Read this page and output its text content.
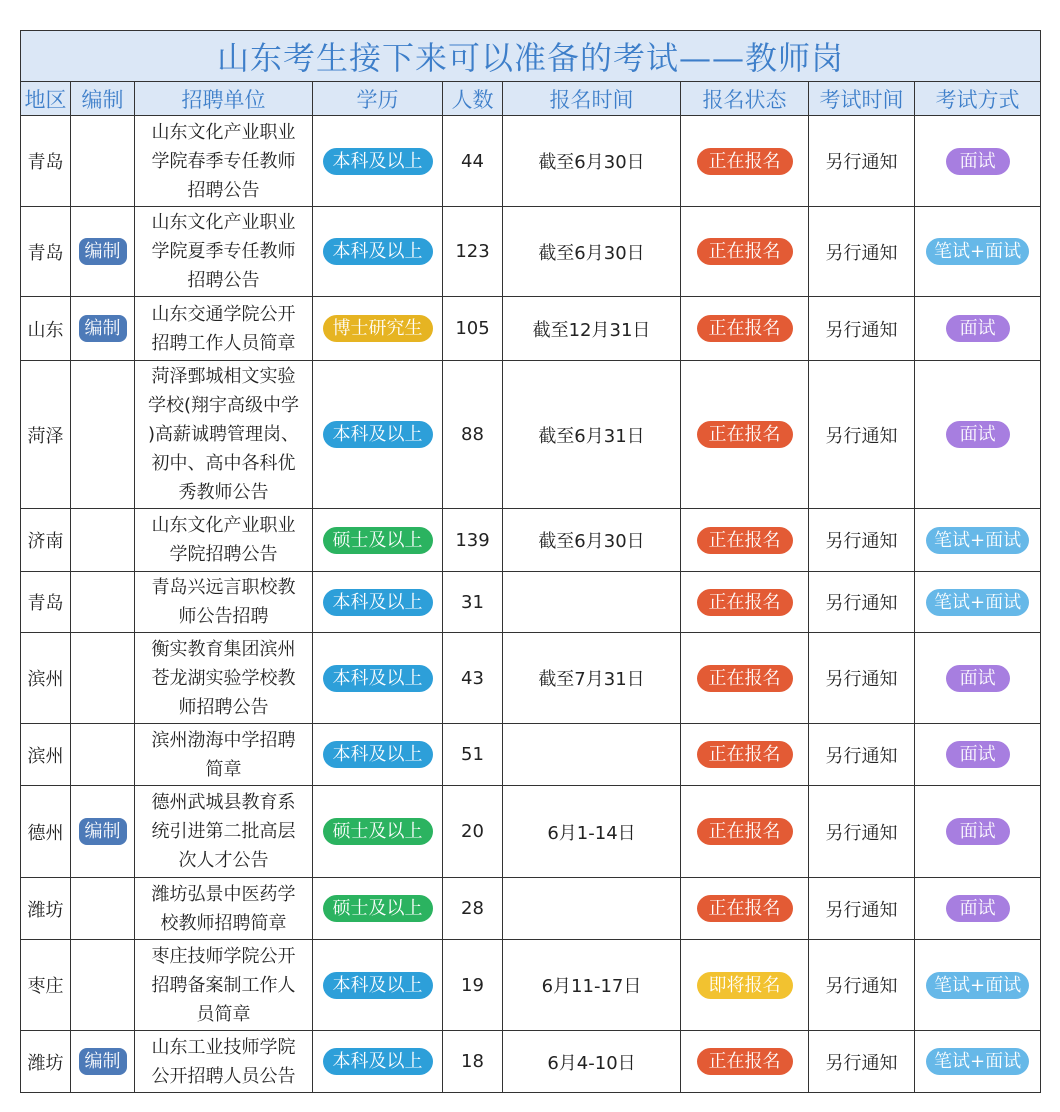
山东考生接下来可以准备的考试——教师岗								
地区	编制	招聘单位	学历	人数	报名时间	报名状态	考试时间	考试方式
青岛		山东文化产业职业
学院春季专任教师
招聘公告	本科及以上	44	截至6月30日	正在报名	另行通知	面试
青岛	编制	山东文化产业职业
学院夏季专任教师
招聘公告	本科及以上	123	截至6月30日	正在报名	另行通知	笔试+面试
山东	编制	山东交通学院公开
招聘工作人员简章	博士研究生	105	截至12月31日	正在报名	另行通知	面试
菏泽		菏泽鄄城相文实验
学校(翔宇高级中学
)高薪诚聘管理岗、
初中、高中各科优
秀教师公告	本科及以上	88	截至6月31日	正在报名	另行通知	面试
济南		山东文化产业职业
学院招聘公告	硕士及以上	139	截至6月30日	正在报名	另行通知	笔试+面试
青岛		青岛兴远言职校教
师公告招聘	本科及以上	31		正在报名	另行通知	笔试+面试
滨州		衡实教育集团滨州
苍龙湖实验学校教
师招聘公告	本科及以上	43	截至7月31日	正在报名	另行通知	面试
滨州		滨州渤海中学招聘
简章	本科及以上	51		正在报名	另行通知	面试
德州	编制	德州武城县教育系
统引进第二批高层
次人才公告	硕士及以上	20	6月1-14日	正在报名	另行通知	面试
潍坊		潍坊弘景中医药学
校教师招聘简章	硕士及以上	28		正在报名	另行通知	面试
枣庄		枣庄技师学院公开
招聘备案制工作人
员简章	本科及以上	19	6月11-17日	即将报名	另行通知	笔试+面试
潍坊	编制	山东工业技师学院
公开招聘人员公告	本科及以上	18	6月4-10日	正在报名	另行通知	笔试+面试
